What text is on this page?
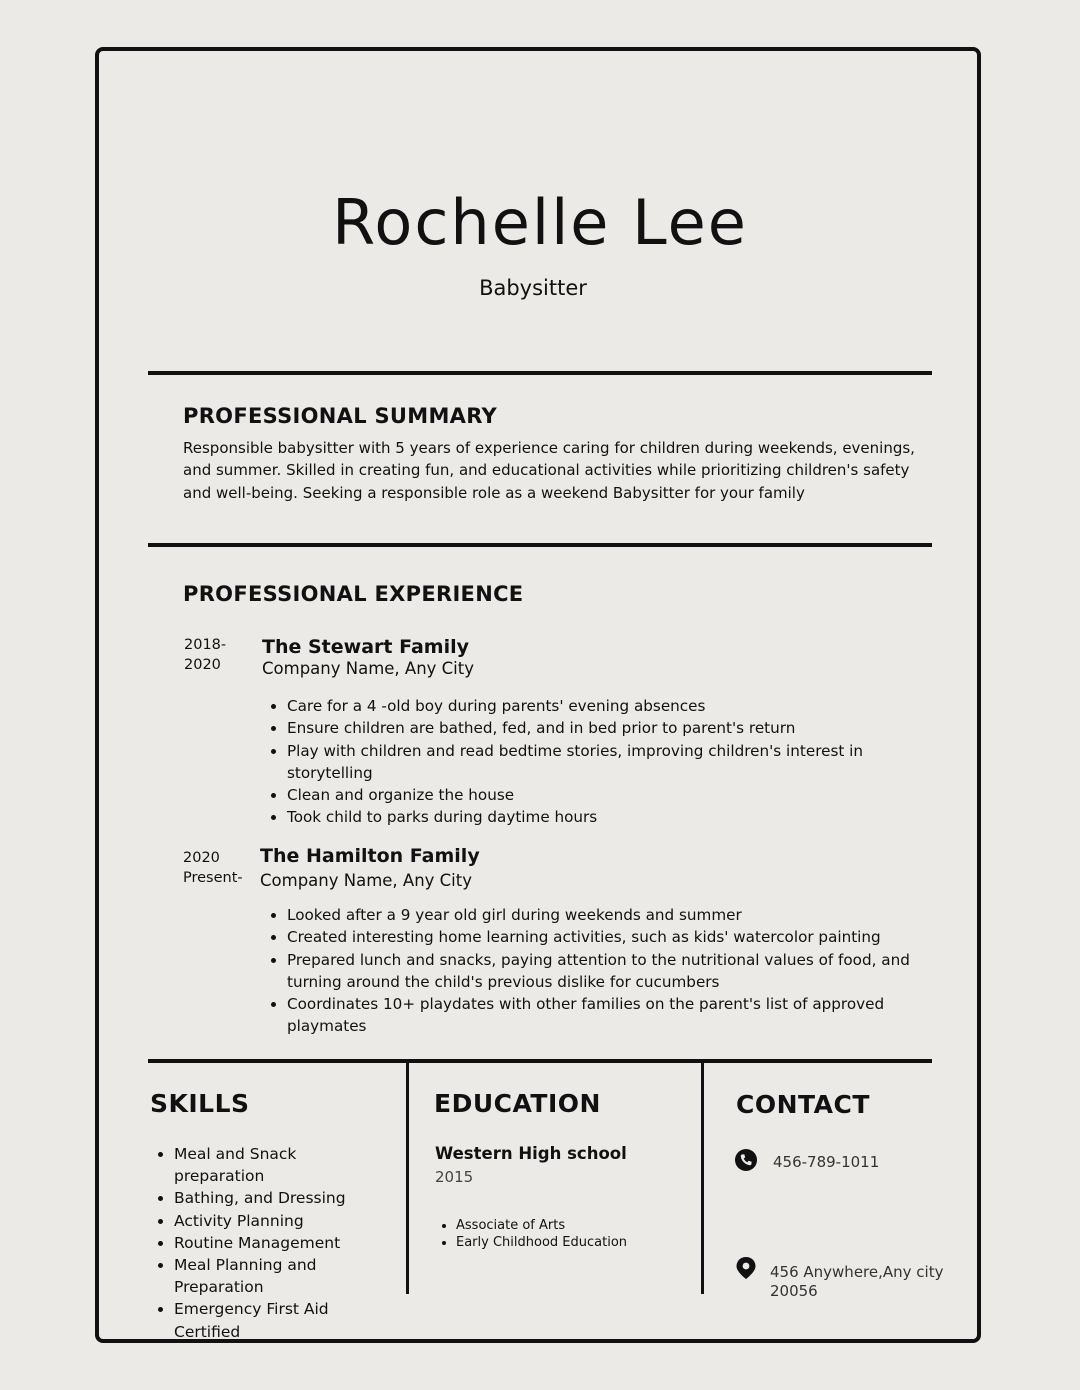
Rochelle Lee
Babysitter
PROFESSIONAL SUMMARY
Responsible babysitter with 5 years of experience caring for children during weekends, evenings, and summer. Skilled in creating fun, and educational activities while prioritizing children's safety and well-being. Seeking a responsible role as a weekend Babysitter for your family
PROFESSIONAL EXPERIENCE
2018-
2020
The Stewart Family
Company Name, Any City
• Care for a 4 -old boy during parents' evening absences
• Ensure children are bathed, fed, and in bed prior to parent's return
• Play with children and read bedtime stories, improving children's interest in storytelling
• Clean and organize the house
• Took child to parks during daytime hours
2020
Present-
The Hamilton Family
Company Name, Any City
• Looked after a 9 year old girl during weekends and summer
• Created interesting home learning activities, such as kids' watercolor painting
• Prepared lunch and snacks, paying attention to the nutritional values of food, and turning around the child's previous dislike for cucumbers
• Coordinates 10+ playdates with other families on the parent's list of approved playmates
SKILLS
• Meal and Snack preparation
• Bathing, and Dressing
• Activity Planning
• Routine Management
• Meal Planning and Preparation
• Emergency First Aid Certified
EDUCATION
Western High school
2015
• Associate of Arts
• Early Childhood Education
CONTACT
456-789-1011
456 Anywhere,Any city 20056
